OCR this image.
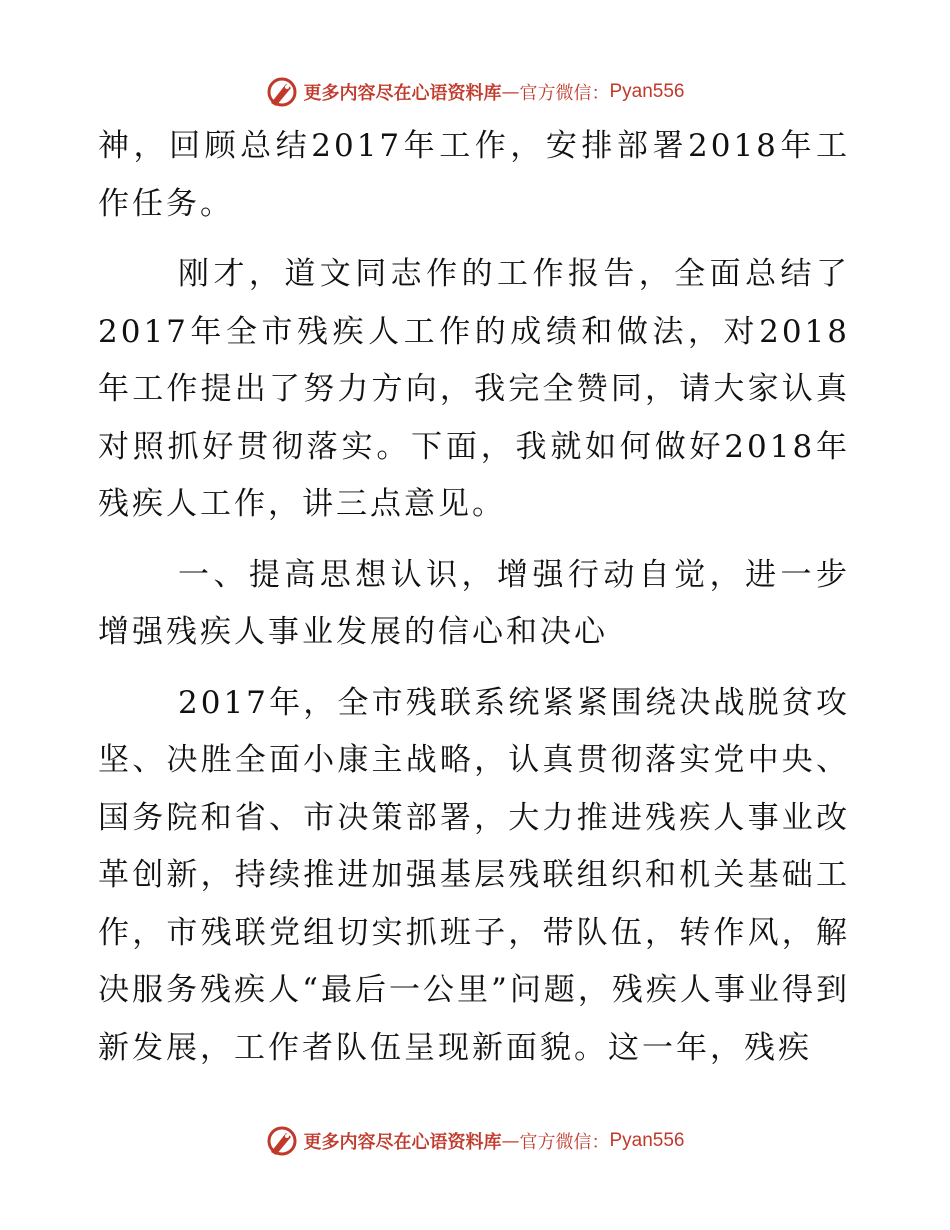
更多内容尽在心语资料库 — 官方微信： Pyan556

神，回顾总结2017年工作，安排部署2018年工作任务。

刚才，道文同志作的工作报告，全面总结了2017年全市残疾人工作的成绩和做法，对2018年工作提出了努力方向，我完全赞同，请大家认真对照抓好贯彻落实。下面，我就如何做好2018年残疾人工作，讲三点意见。

一、提高思想认识，增强行动自觉，进一步增强残疾人事业发展的信心和决心

2017年，全市残联系统紧紧围绕决战脱贫攻坚、决胜全面小康主战略，认真贯彻落实党中央、国务院和省、市决策部署，大力推进残疾人事业改革创新，持续推进加强基层残联组织和机关基础工作，市残联党组切实抓班子，带队伍，转作风，解决服务残疾人“最后一公里”问题，残疾人事业得到新发展，工作者队伍呈现新面貌。这一年，残疾

更多内容尽在心语资料库 — 官方微信： Pyan556
